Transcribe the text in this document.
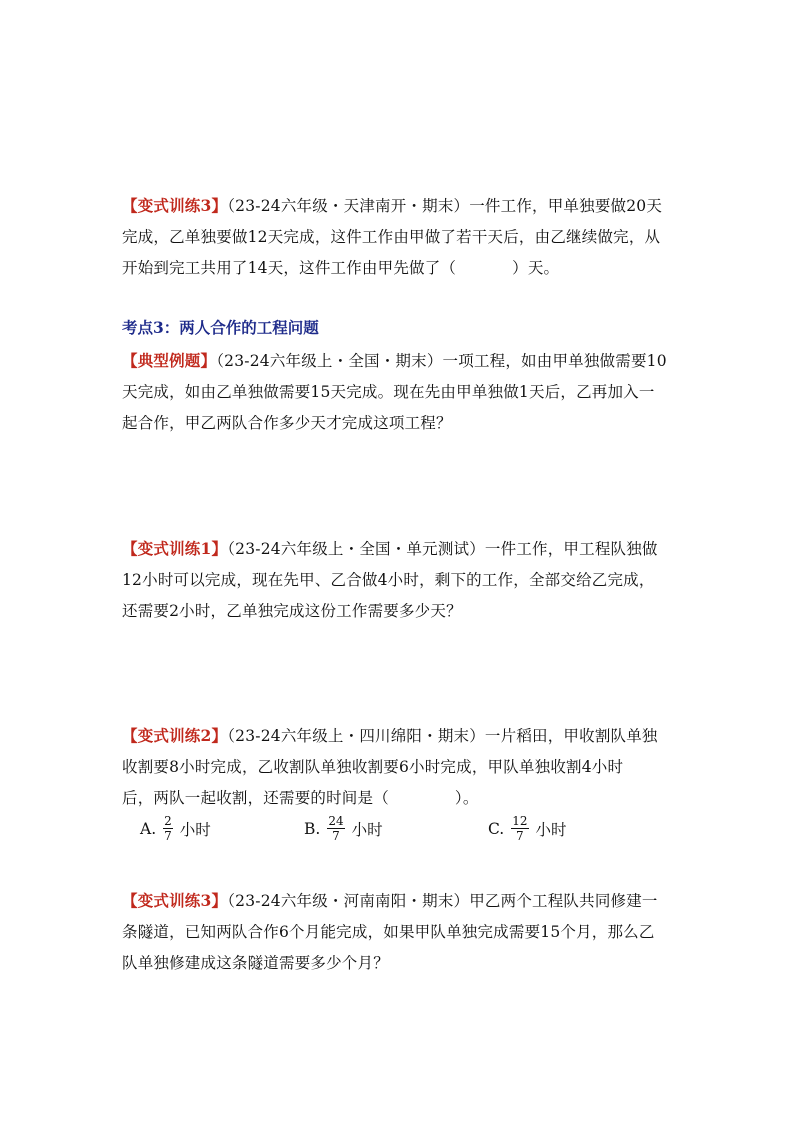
【变式训练3】（23-24六年级・天津南开・期末）一件工作，甲单独要做20天
完成，乙单独要做12天完成，这件工作由甲做了若干天后，由乙继续做完，从
开始到完工共用了14天，这件工作由甲先做了（	）天。
考点3：两人合作的工程问题
【典型例题】（23-24六年级上・全国・期末）一项工程，如由甲单独做需要10
天完成，如由乙单独做需要15天完成。现在先由甲单独做1天后，乙再加入一
起合作，甲乙两队合作多少天才完成这项工程？
【变式训练1】（23-24六年级上・全国・单元测试）一件工作，甲工程队独做
12小时可以完成，现在先甲、乙合做4小时，剩下的工作，全部交给乙完成，
还需要2小时，乙单独完成这份工作需要多少天？
【变式训练2】（23-24六年级上・四川绵阳・期末）一片稻田，甲收割队单独
收割要8小时完成，乙收割队单独收割要6小时完成，甲队单独收割4小时
后，两队一起收割，还需要的时间是（	）。
A. $\frac{2}{7}$ 小时	B. $\frac{24}{7}$ 小时	C. $\frac{12}{7}$ 小时
【变式训练3】（23-24六年级・河南南阳・期末）甲乙两个工程队共同修建一
条隧道，已知两队合作6个月能完成，如果甲队单独完成需要15个月，那么乙
队单独修建成这条隧道需要多少个月？
